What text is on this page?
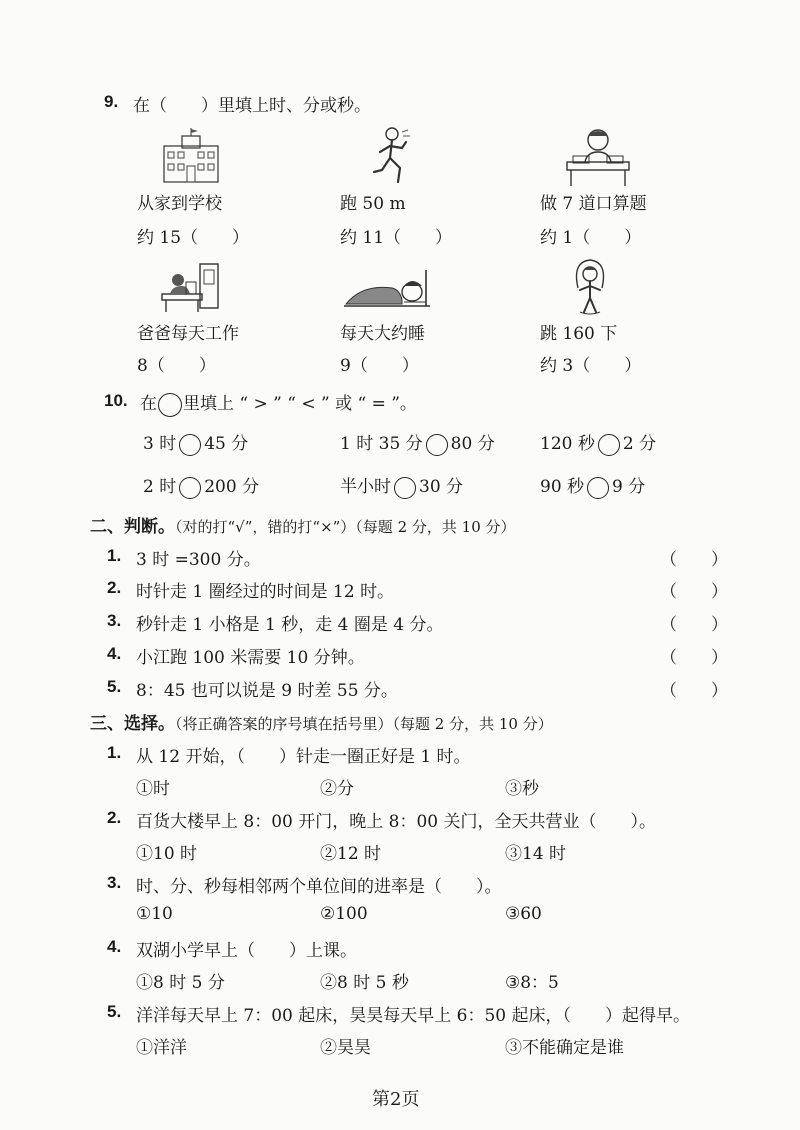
9. 在（　　）里填上时、分或秒。
从家到学校	跑 50 m	做 7 道口算题
约 15（　　）	约 11（　　）	约 1（　　）
爸爸每天工作	每天大约睡	跳 160 下
8（　　）	9（　　）	约 3（　　）
10. 在 里填上 “ > ” “ < ” 或 “ = ”。
3 时 45 分	1 时 35 分 80 分	120 秒 2 分
2 时 200 分	半小时 30 分	90 秒 9 分
二、判断。（对的打“√”，错的打“×”）（每题 2 分，共 10 分）
1. 3 时 =300 分。	（　　）
2. 时针走 1 圈经过的时间是 12 时。	（　　）
3. 秒针走 1 小格是 1 秒，走 4 圈是 4 分。	（　　）
4. 小江跑 100 米需要 10 分钟。	（　　）
5. 8：45 也可以说是 9 时差 55 分。	（　　）
三、选择。（将正确答案的序号填在括号里）（每题 2 分，共 10 分）
1. 从 12 开始，（　　）针走一圈正好是 1 时。
①时	②分	③秒
2. 百货大楼早上 8：00 开门，晚上 8：00 关门，全天共营业（　　）。
①10 时	②12 时	③14 时
3. 时、分、秒每相邻两个单位间的进率是（　　）。
①10	②100	③60
4. 双湖小学早上（　　）上课。
①8 时 5 分	②8 时 5 秒	③8：5
5. 洋洋每天早上 7：00 起床，昊昊每天早上 6：50 起床，（　　）起得早。
①洋洋	②昊昊	③不能确定是谁
第2页
